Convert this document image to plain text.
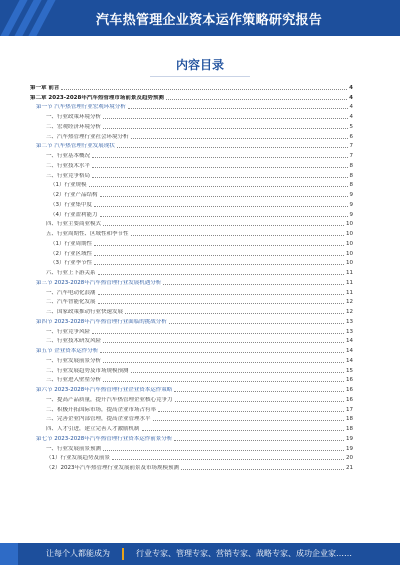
汽车热管理企业资本运作策略研究报告
内容目录
第一章 前言	4
第二章 2023-2028年汽车热管理市场前景及趋势预测	4
第一节 汽车热管理行业宏观环境分析	4
一、行业政策环境分析	4
二、宏观经济环境分析	5
三、汽车热管理行业社会环境分析	6
第二节 汽车热管理行业发展现状	7
一、行业基本概况	7
二、行业技术水平	8
三、行业竞争格局	8
（1）行业规模	8
（2）行业产品结构	9
（3）行业集中度	9
（4）行业盈利能力	9
四、行业主要商业模式	10
五、行业周期性、区域性和季节性	10
（1）行业周期性	10
（2）行业区域性	10
（3）行业季节性	10
六、行业上下游关系	11
第三节 2023-2028年汽车热管理行业发展机遇分析	11
一、汽车电动化浪潮	11
二、汽车智能化发展	12
三、国家政策推动行业快速发展	12
第四节 2023-2028年汽车热管理行业面临的挑战分析	13
一、行业竞争风险	13
二、行业技术研发风险	14
第五节 企业资本运作分析	14
一、行业发展前景分析	14
二、行业发展趋势及市场规模预测	15
三、行业进入壁垒分析	16
第六节 2023-2028年汽车热管理行业企业资本运作策略	16
一、提高产品质量，提升汽车热管理企业核心竞争力	16
二、积极开拓国际市场，提高企业市场占有率	17
三、完善企业内部管理，提高企业管理水平	18
四、人才引进，建立完善人才激励机制	18
第七节 2023-2028年汽车热管理行业资本运作前景分析	19
一、行业发展前景预测	19
（1）行业发展趋势及前景	20
（2）2023年汽车热管理行业发展前景及市场规模预测	21
让每个人都能成为	行业专家、管理专家、营销专家、战略专家、成功企业家……
